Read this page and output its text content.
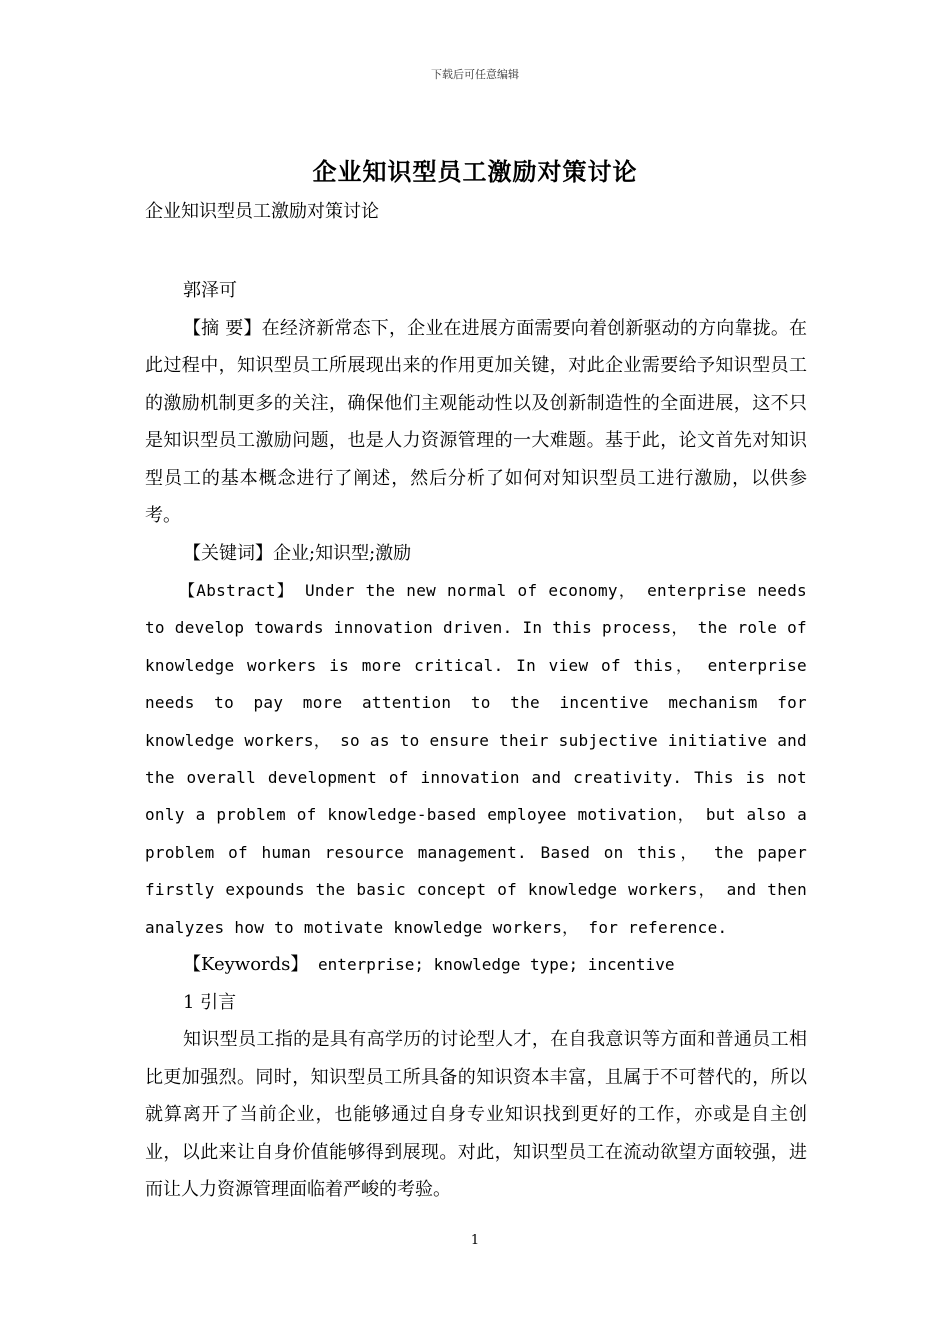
下载后可任意编辑
企业知识型员工激励对策讨论

企业知识型员工激励对策讨论

郭泽可

【摘 要】在经济新常态下，企业在进展方面需要向着创新驱动的方向靠拢。在此过程中，知识型员工所展现出来的作用更加关键，对此企业需要给予知识型员工的激励机制更多的关注，确保他们主观能动性以及创新制造性的全面进展，这不只是知识型员工激励问题，也是人力资源管理的一大难题。基于此，论文首先对知识型员工的基本概念进行了阐述，然后分析了如何对知识型员工进行激励，以供参考。

【关键词】企业;知识型;激励

【Abstract】 Under the new normal of economy， enterprise needs to develop towards innovation driven. In this process， the role of knowledge workers is more critical. In view of this， enterprise needs to pay more attention to the incentive mechanism for knowledge workers， so as to ensure their subjective initiative and the overall development of innovation and creativity. This is not only a problem of knowledge-based employee motivation， but also a problem of human resource management. Based on this， the paper firstly expounds the basic concept of knowledge workers， and then analyzes how to motivate knowledge workers， for reference.

【Keywords】 enterprise; knowledge type; incentive

1 引言

知识型员工指的是具有高学历的讨论型人才，在自我意识等方面和普通员工相比更加强烈。同时，知识型员工所具备的知识资本丰富，且属于不可替代的，所以就算离开了当前企业，也能够通过自身专业知识找到更好的工作，亦或是自主创业，以此来让自身价值能够得到展现。对此，知识型员工在流动欲望方面较强，进而让人力资源管理面临着严峻的考验。

1
